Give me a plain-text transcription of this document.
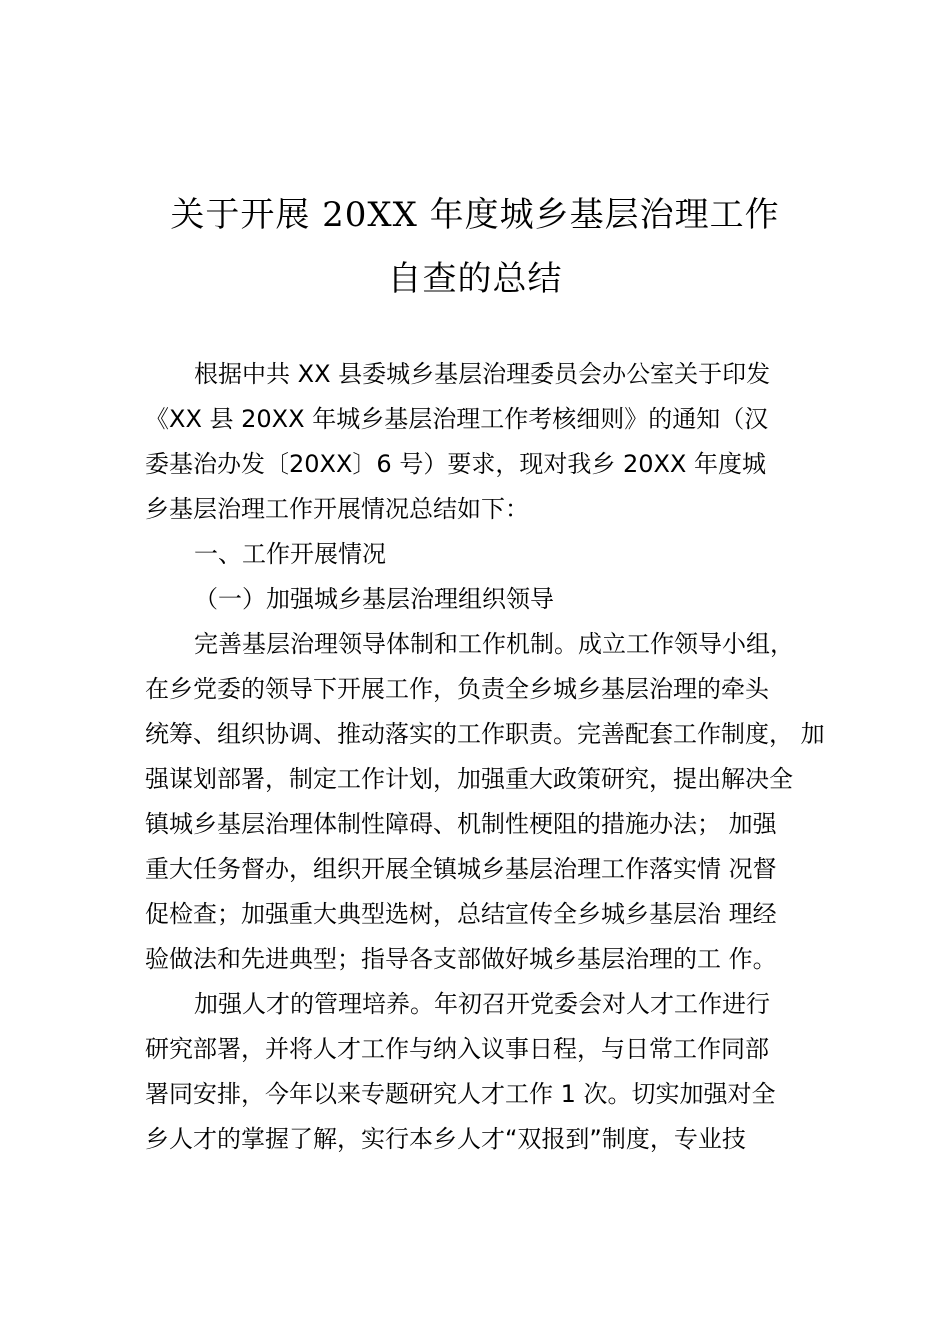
关于开展 20XX 年度城乡基层治理工作
自查的总结
根据中共 XX 县委城乡基层治理委员会办公室关于印发
《XX 县 20XX 年城乡基层治理工作考核细则》的通知（汉
委基治办发〔20XX〕6 号）要求，现对我乡 20XX 年度城
乡基层治理工作开展情况总结如下：
一、工作开展情况
（一）加强城乡基层治理组织领导
完善基层治理领导体制和工作机制。成立工作领导小组，
在乡党委的领导下开展工作，负责全乡城乡基层治理的牵头
统筹、组织协调、推动落实的工作职责。完善配套工作制度， 加
强谋划部署，制定工作计划，加强重大政策研究，提出解决全
镇城乡基层治理体制性障碍、机制性梗阻的措施办法； 加强
重大任务督办，组织开展全镇城乡基层治理工作落实情 况督
促检查；加强重大典型选树，总结宣传全乡城乡基层治 理经
验做法和先进典型；指导各支部做好城乡基层治理的工 作。
加强人才的管理培养。年初召开党委会对人才工作进行
研究部署，并将人才工作与纳入议事日程，与日常工作同部
署同安排，今年以来专题研究人才工作 1 次。切实加强对全
乡人才的掌握了解，实行本乡人才“双报到”制度，专业技
